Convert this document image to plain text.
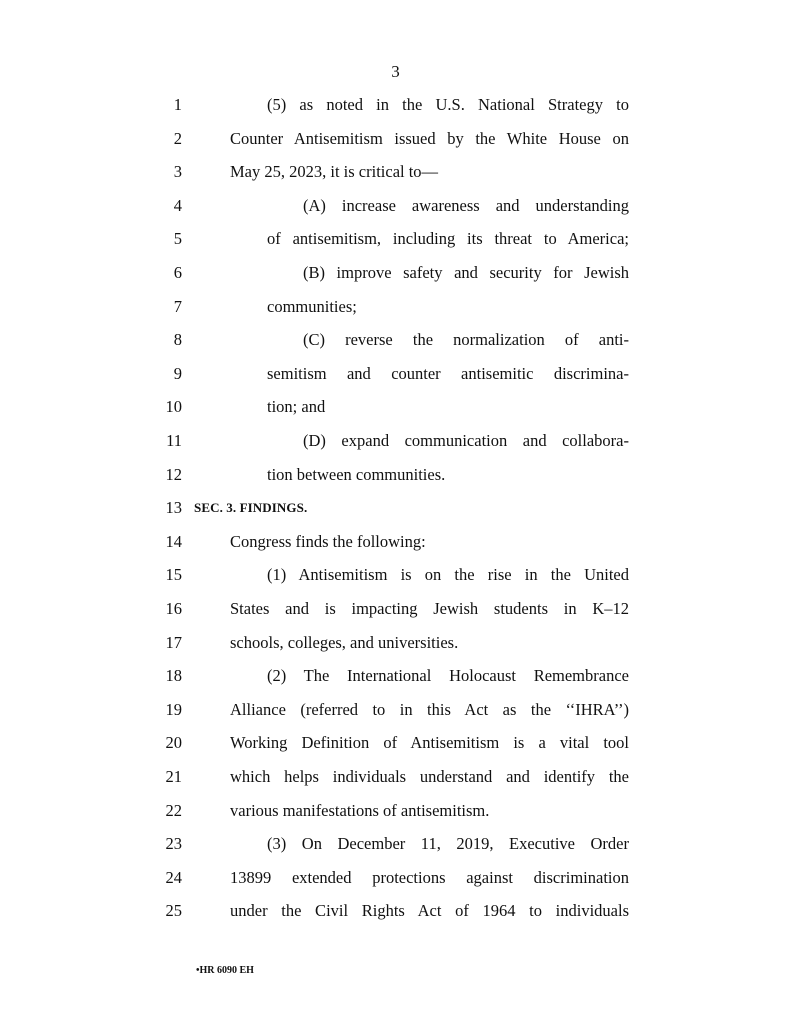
3
1	(5) as noted in the U.S. National Strategy to
2	Counter Antisemitism issued by the White House on
3	May 25, 2023, it is critical to—
4	(A) increase awareness and understanding
5	of antisemitism, including its threat to America;
6	(B) improve safety and security for Jewish
7	communities;
8	(C) reverse the normalization of anti-
9	semitism and counter antisemitic discrimina-
10	tion; and
11	(D) expand communication and collabora-
12	tion between communities.
13 SEC. 3. FINDINGS.
14	Congress finds the following:
15	(1) Antisemitism is on the rise in the United
16	States and is impacting Jewish students in K–12
17	schools, colleges, and universities.
18	(2) The International Holocaust Remembrance
19	Alliance (referred to in this Act as the ‘‘IHRA’’)
20	Working Definition of Antisemitism is a vital tool
21	which helps individuals understand and identify the
22	various manifestations of antisemitism.
23	(3) On December 11, 2019, Executive Order
24	13899 extended protections against discrimination
25	under the Civil Rights Act of 1964 to individuals
•HR 6090 EH
